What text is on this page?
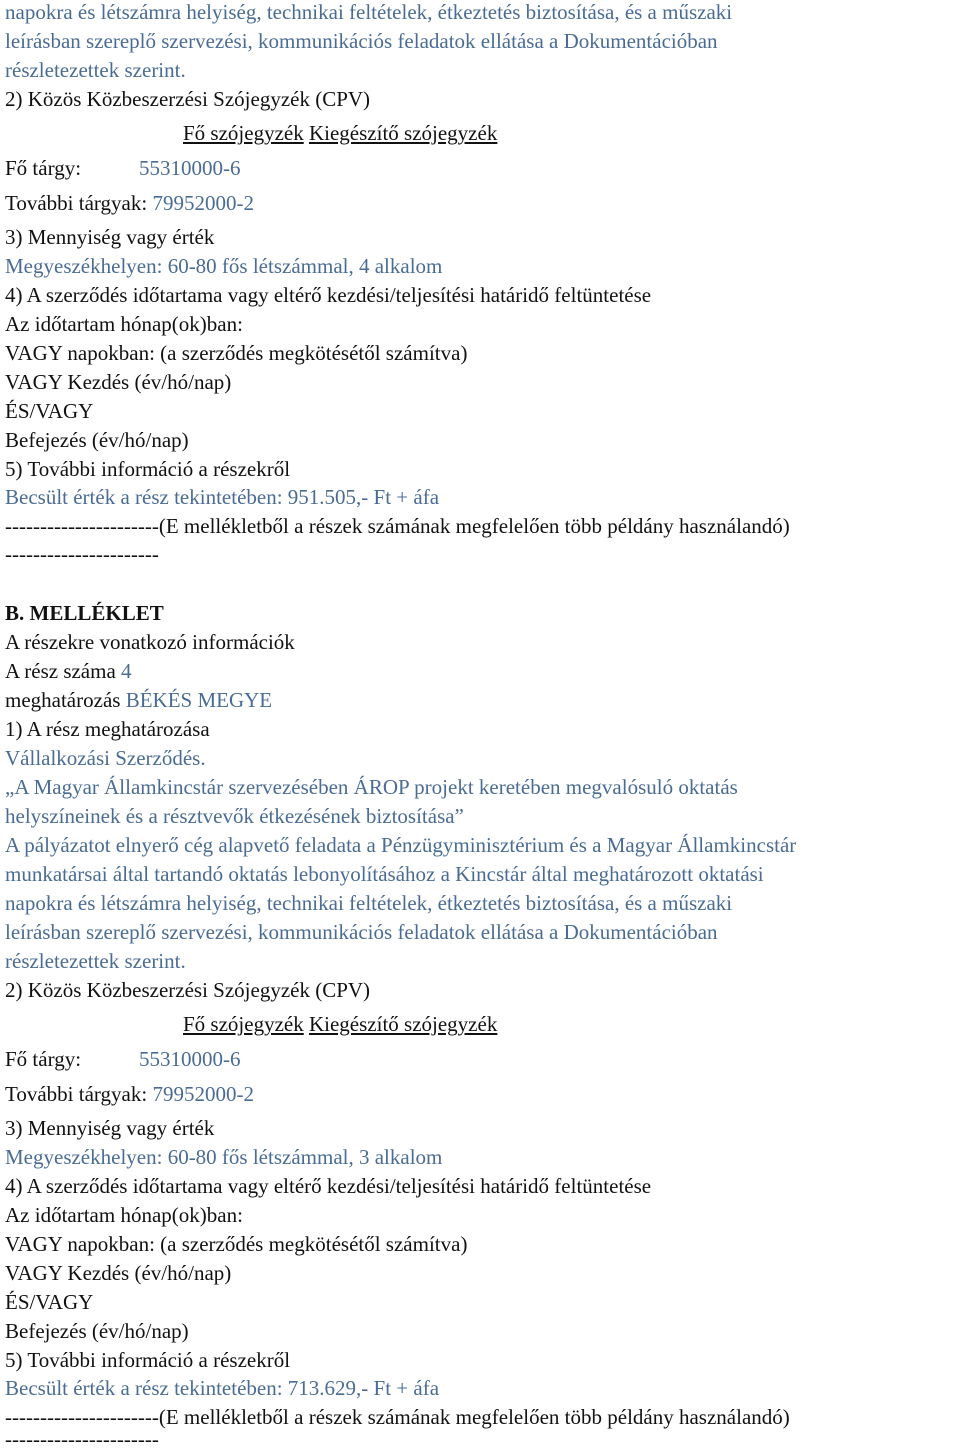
napokra és létszámra helyiség, technikai feltételek, étkeztetés biztosítása, és a műszaki
leírásban szereplő szervezési, kommunikációs feladatok ellátása a Dokumentációban
részletezettek szerint.
2) Közös Közbeszerzési Szójegyzék (CPV)
Fő szójegyzék Kiegészítő szójegyzék
Fő tárgy:	55310000-6
További tárgyak: 79952000-2
3) Mennyiség vagy érték
Megyeszékhelyen: 60-80 fős létszámmal, 4 alkalom
4) A szerződés időtartama vagy eltérő kezdési/teljesítési határidő feltüntetése
Az időtartam hónap(ok)ban:
VAGY napokban: (a szerződés megkötésétől számítva)
VAGY Kezdés (év/hó/nap)
ÉS/VAGY
Befejezés (év/hó/nap)
5) További információ a részekről
Becsült érték a rész tekintetében: 951.505,- Ft + áfa
----------------------(E mellékletből a részek számának megfelelően több példány használandó)
----------------------
B. MELLÉKLET
A részekre vonatkozó információk
A rész száma 4
meghatározás BÉKÉS MEGYE
1) A rész meghatározása
Vállalkozási Szerződés.
„A Magyar Államkincstár szervezésében ÁROP projekt keretében megvalósuló oktatás
helyszíneinek és a résztvevők étkezésének biztosítása”
A pályázatot elnyerő cég alapvető feladata a Pénzügyminisztérium és a Magyar Államkincstár
munkatársai által tartandó oktatás lebonyolításához a Kincstár által meghatározott oktatási
napokra és létszámra helyiség, technikai feltételek, étkeztetés biztosítása, és a műszaki
leírásban szereplő szervezési, kommunikációs feladatok ellátása a Dokumentációban
részletezettek szerint.
2) Közös Közbeszerzési Szójegyzék (CPV)
Fő szójegyzék Kiegészítő szójegyzék
Fő tárgy:	55310000-6
További tárgyak: 79952000-2
3) Mennyiség vagy érték
Megyeszékhelyen: 60-80 fős létszámmal, 3 alkalom
4) A szerződés időtartama vagy eltérő kezdési/teljesítési határidő feltüntetése
Az időtartam hónap(ok)ban:
VAGY napokban: (a szerződés megkötésétől számítva)
VAGY Kezdés (év/hó/nap)
ÉS/VAGY
Befejezés (év/hó/nap)
5) További információ a részekről
Becsült érték a rész tekintetében: 713.629,- Ft + áfa
----------------------(E mellékletből a részek számának megfelelően több példány használandó)
----------------------
